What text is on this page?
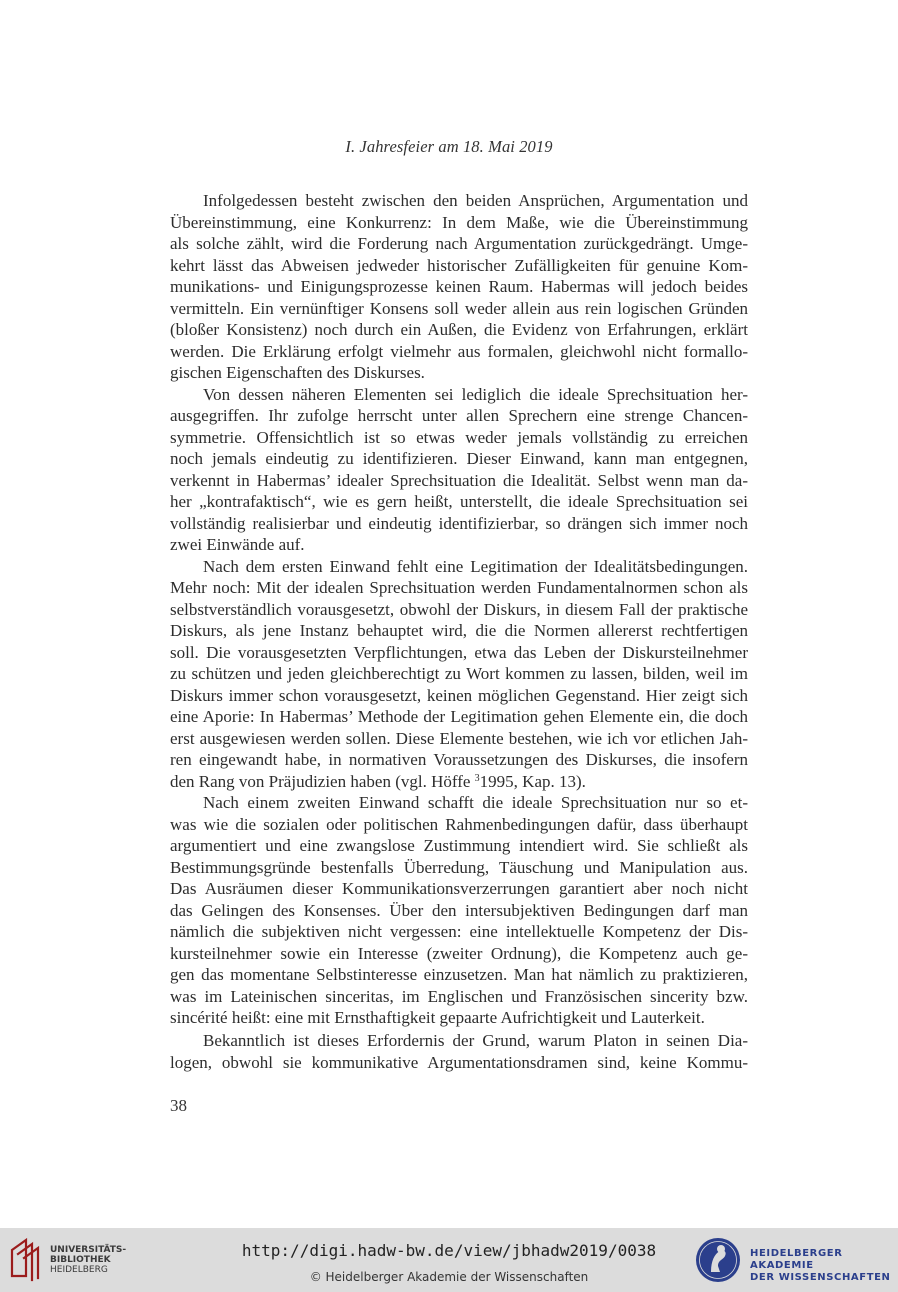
I. Jahresfeier am 18. Mai 2019
Infolgedessen besteht zwischen den beiden Ansprüchen, Argumentation und
Übereinstimmung, eine Konkurrenz: In dem Maße, wie die Übereinstimmung
als solche zählt, wird die Forderung nach Argumentation zurückgedrängt. Umge-
kehrt lässt das Abweisen jedweder historischer Zufälligkeiten für genuine Kom-
munikations- und Einigungsprozesse keinen Raum. Habermas will jedoch beides
vermitteln. Ein vernünftiger Konsens soll weder allein aus rein logischen Gründen
(bloßer Konsistenz) noch durch ein Außen, die Evidenz von Erfahrungen, erklärt
werden. Die Erklärung erfolgt vielmehr aus formalen, gleichwohl nicht formallo-
gischen Eigenschaften des Diskurses.
Von dessen näheren Elementen sei lediglich die ideale Sprechsituation her-
ausgegriffen. Ihr zufolge herrscht unter allen Sprechern eine strenge Chancen-
symmetrie. Offensichtlich ist so etwas weder jemals vollständig zu erreichen
noch jemals eindeutig zu identifizieren. Dieser Einwand, kann man entgegnen,
verkennt in Habermas’ idealer Sprechsituation die Idealität. Selbst wenn man da-
her „kontrafaktisch“, wie es gern heißt, unterstellt, die ideale Sprechsituation sei
vollständig realisierbar und eindeutig identifizierbar, so drängen sich immer noch
zwei Einwände auf.
Nach dem ersten Einwand fehlt eine Legitimation der Idealitätsbedingungen.
Mehr noch: Mit der idealen Sprechsituation werden Fundamentalnormen schon als
selbstverständlich vorausgesetzt, obwohl der Diskurs, in diesem Fall der praktische
Diskurs, als jene Instanz behauptet wird, die die Normen allererst rechtfertigen
soll. Die vorausgesetzten Verpflichtungen, etwa das Leben der Diskursteilnehmer
zu schützen und jeden gleichberechtigt zu Wort kommen zu lassen, bilden, weil im
Diskurs immer schon vorausgesetzt, keinen möglichen Gegenstand. Hier zeigt sich
eine Aporie: In Habermas’ Methode der Legitimation gehen Elemente ein, die doch
erst ausgewiesen werden sollen. Diese Elemente bestehen, wie ich vor etlichen Jah-
ren eingewandt habe, in normativen Voraussetzungen des Diskurses, die insofern
den Rang von Präjudizien haben (vgl. Höffe $^3$1995, Kap. 13).
Nach einem zweiten Einwand schafft die ideale Sprechsituation nur so et-
was wie die sozialen oder politischen Rahmenbedingungen dafür, dass überhaupt
argumentiert und eine zwangslose Zustimmung intendiert wird. Sie schließt als
Bestimmungsgründe bestenfalls Überredung, Täuschung und Manipulation aus.
Das Ausräumen dieser Kommunikationsverzerrungen garantiert aber noch nicht
das Gelingen des Konsenses. Über den intersubjektiven Bedingungen darf man
nämlich die subjektiven nicht vergessen: eine intellektuelle Kompetenz der Dis-
kursteilnehmer sowie ein Interesse (zweiter Ordnung), die Kompetenz auch ge-
gen das momentane Selbstinteresse einzusetzen. Man hat nämlich zu praktizieren,
was im Lateinischen sinceritas, im Englischen und Französischen sincerity bzw.
sincérité heißt: eine mit Ernsthaftigkeit gepaarte Aufrichtigkeit und Lauterkeit.
Bekanntlich ist dieses Erfordernis der Grund, warum Platon in seinen Dia-
logen, obwohl sie kommunikative Argumentationsdramen sind, keine Kommu-
38
UNIVERSITÄTS-
BIBLIOTHEK
HEIDELBERG
http://digi.hadw-bw.de/view/jbhadw2019/0038
© Heidelberger Akademie der Wissenschaften
HEIDELBERGER AKADEMIE
DER WISSENSCHAFTEN
